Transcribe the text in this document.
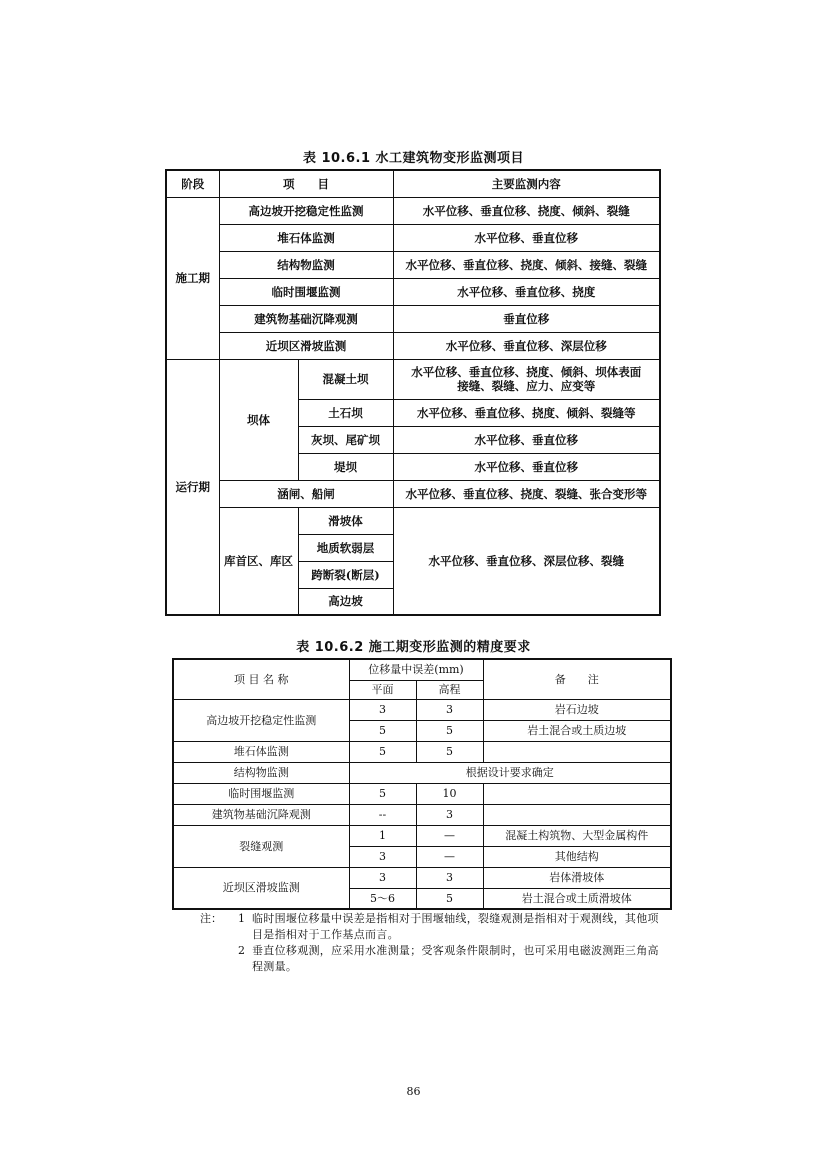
表 10.6.1 水工建筑物变形监测项目
阶段	项　　目		主要监测内容
施工期	高边坡开挖稳定性监测		水平位移、垂直位移、挠度、倾斜、裂缝
	堆石体监测		水平位移、垂直位移
	结构物监测		水平位移、垂直位移、挠度、倾斜、接缝、裂缝
	临时围堰监测		水平位移、垂直位移、挠度
	建筑物基础沉降观测		垂直位移
	近坝区滑坡监测		水平位移、垂直位移、深层位移
运行期	坝体	混凝土坝	水平位移、垂直位移、挠度、倾斜、坝体表面
接缝、裂缝、应力、应变等

		土石坝	水平位移、垂直位移、挠度、倾斜、裂缝等
		灰坝、尾矿坝	水平位移、垂直位移
		堤坝	水平位移、垂直位移
	涵闸、船闸		水平位移、垂直位移、挠度、裂缝、张合变形等
	库首区、库区	滑坡体	水平位移、垂直位移、深层位移、裂缝
		地质软弱层	
		跨断裂(断层)	
		高边坡	
表 10.6.2 施工期变形监测的精度要求
项 目 名 称	位移量中误差(mm)		备　　注
	平面	高程	
高边坡开挖稳定性监测	3	3	岩石边坡
	5	5	岩土混合或土质边坡
堆石体监测	5	5	
结构物监测	根据设计要求确定		
临时围堰监测	5	10	
建筑物基础沉降观测	--	3	
裂缝观测	1	—	混凝土构筑物、大型金属构件
	3	—	其他结构
近坝区滑坡监测	3	3	岩体滑坡体
	5～6	5	岩土混合或土质滑坡体
注：	1 临时围堰位移量中误差是指相对于围堰轴线，裂缝观测是指相对于观测线，其他项目是指相对于工作基点而言。
2 垂直位移观测，应采用水准测量；受客观条件限制时，也可采用电磁波测距三角高程测量。
86
